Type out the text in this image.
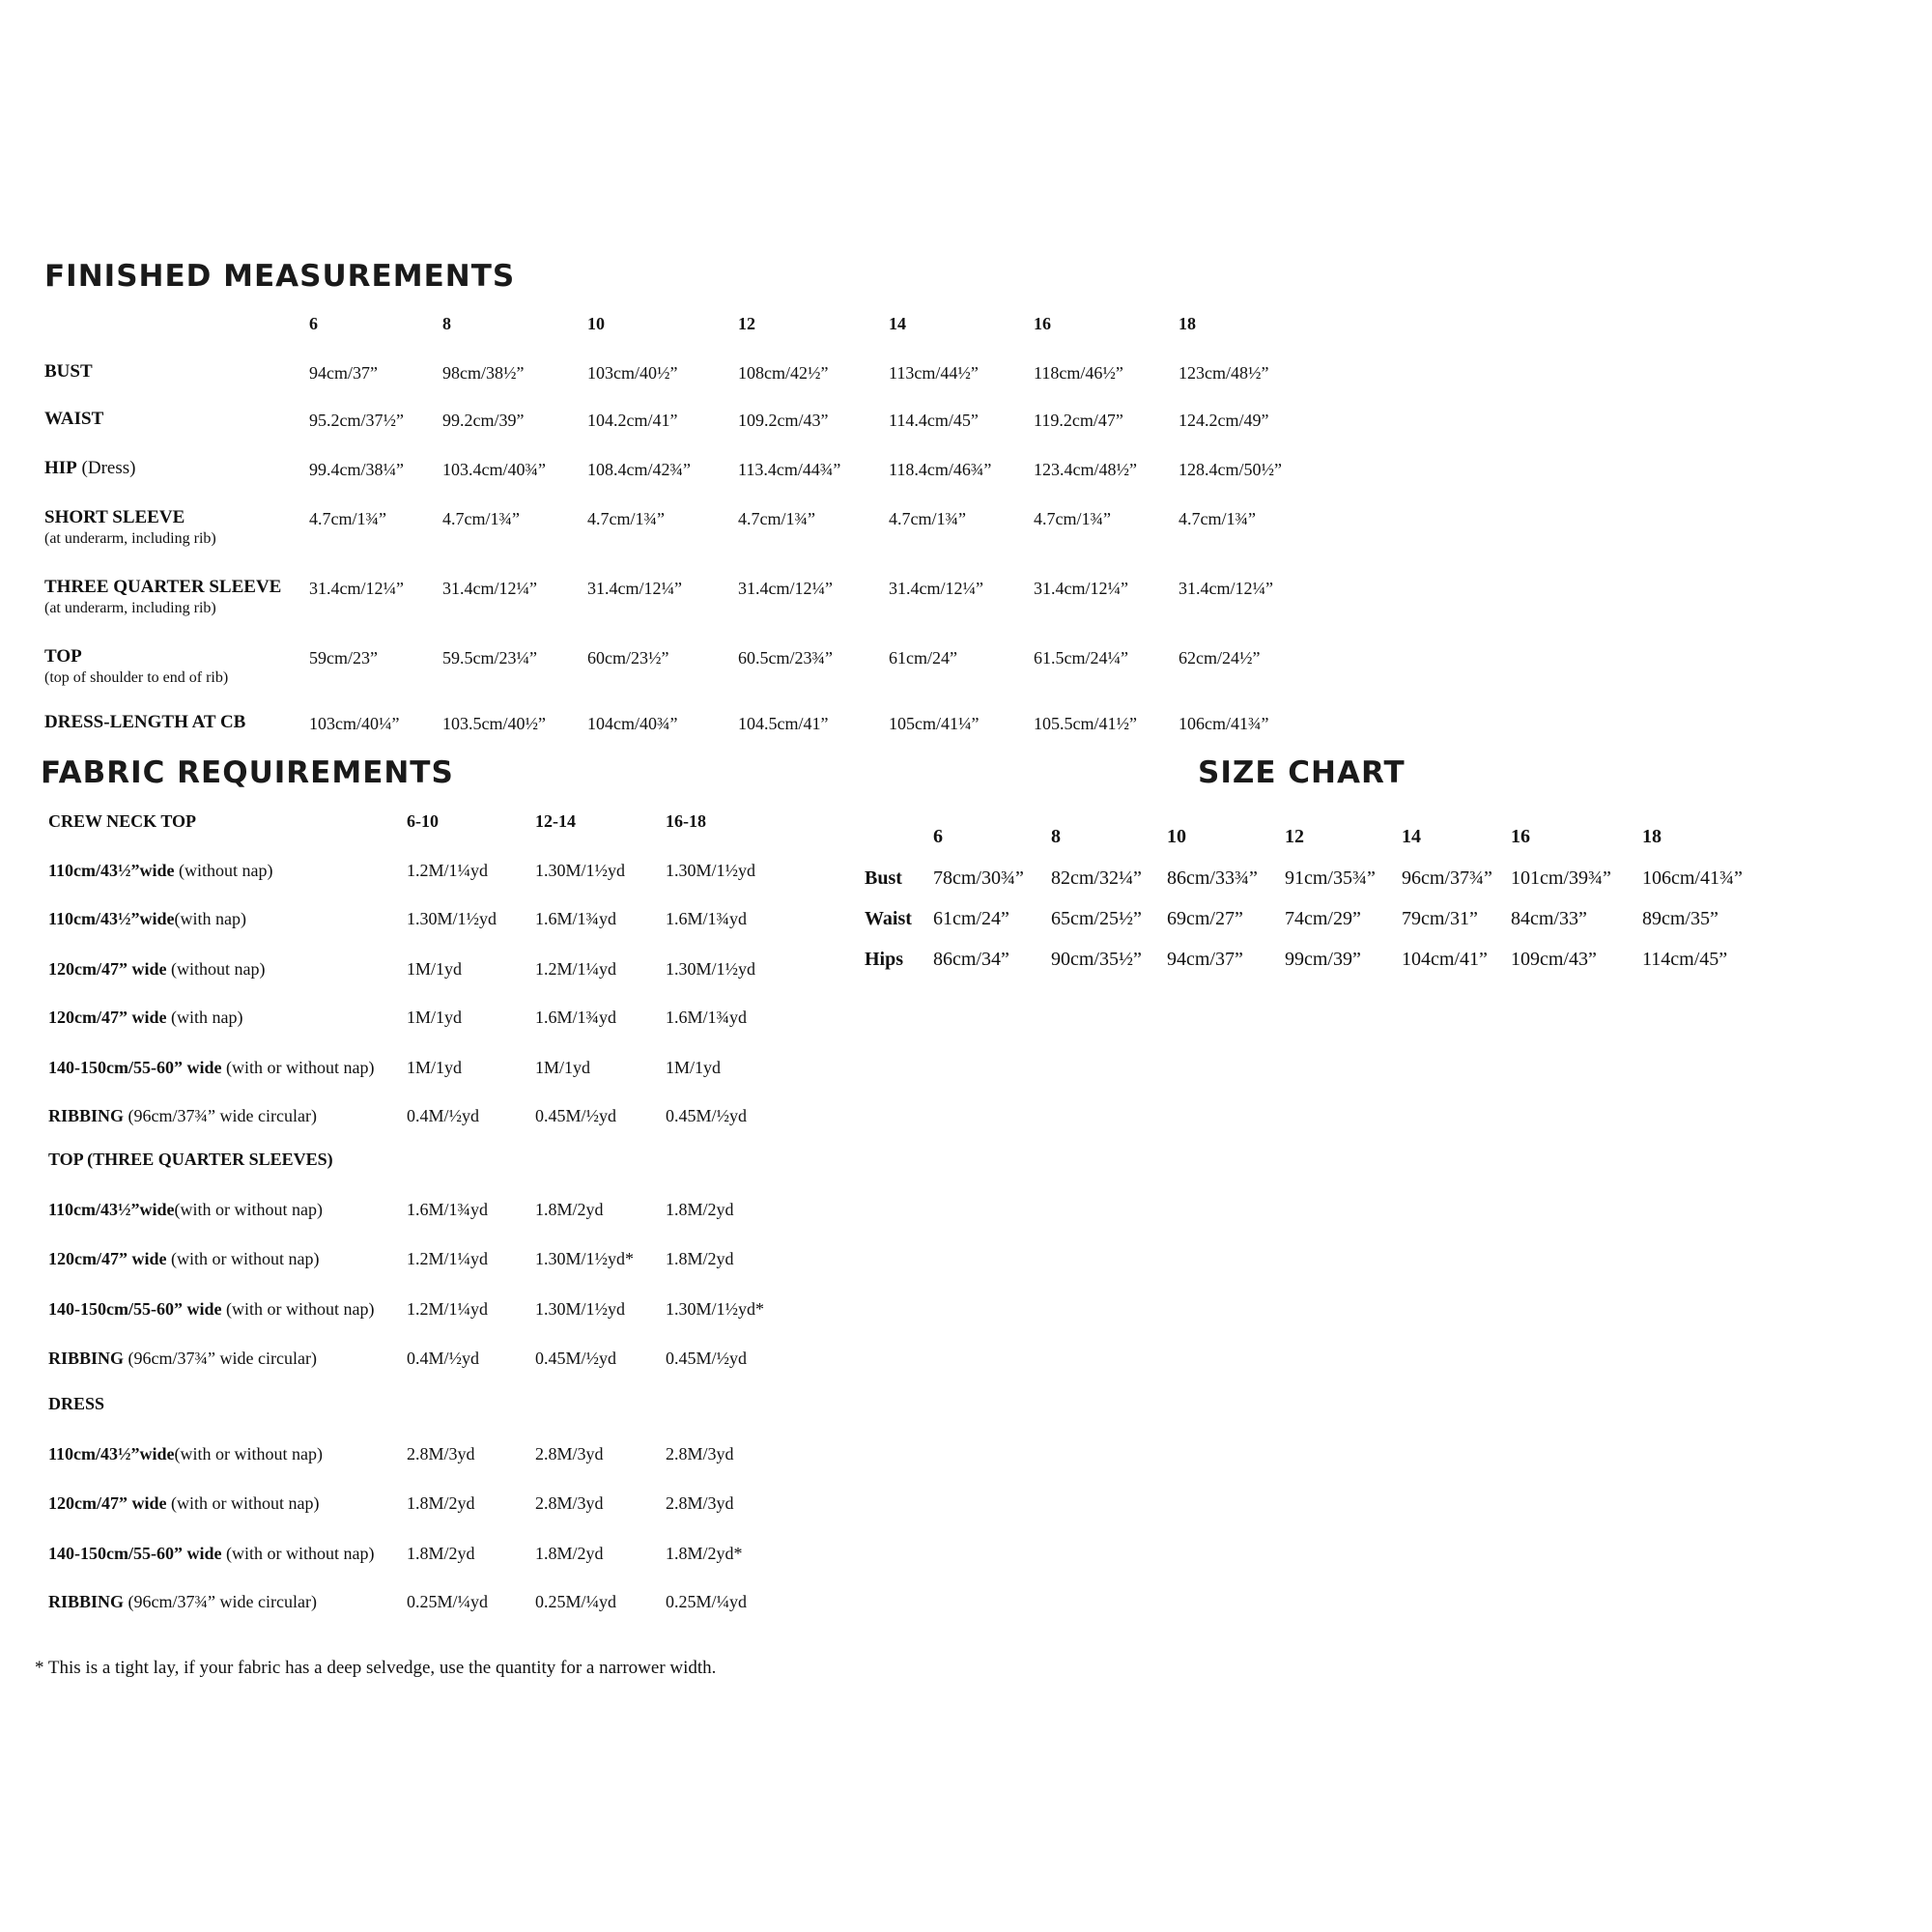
FINISHED MEASUREMENTS
6	8	10	12	14	16	18
BUST	94cm/37”	98cm/38½”	103cm/40½”	108cm/42½”	113cm/44½”	118cm/46½”	123cm/48½”
WAIST	95.2cm/37½” 99.2cm/39”	104.2cm/41”	109.2cm/43”	114.4cm/45”	119.2cm/47”	124.2cm/49”
HIP (Dress)	99.4cm/38¼” 103.4cm/40¾” 108.4cm/42¾”	113.4cm/44¾”	118.4cm/46¾” 123.4cm/48½” 128.4cm/50½”
SHORT SLEEVE
(at underarm, including rib)
4.7cm/1¾”	4.7cm/1¾”	4.7cm/1¾”	4.7cm/1¾”	4.7cm/1¾”	4.7cm/1¾”	4.7cm/1¾”
THREE QUARTER SLEEVE
(at underarm, including rib)
31.4cm/12¼” 31.4cm/12¼”	31.4cm/12¼”	31.4cm/12¼”	31.4cm/12¼”	31.4cm/12¼”	31.4cm/12¼”
TOP
(top of shoulder to end of rib)
59cm/23”	59.5cm/23¼”	60cm/23½”	60.5cm/23¾”	61cm/24”	61.5cm/24¼”	62cm/24½”
DRESS-LENGTH AT CB	103cm/40¼” 103.5cm/40½” 104cm/40¾”	104.5cm/41”	105cm/41¼”	105.5cm/41½” 106cm/41¾”
FABRIC REQUIREMENTS
6-10	12-14	16-18
CREW NECK TOP
110cm/43½”wide (without nap)	1.2M/1¼yd	1.30M/1½yd 1.30M/1½yd
110cm/43½”wide(with nap)	1.30M/1½yd 1.6M/1¾yd	1.6M/1¾yd
120cm/47” wide (without nap)	1M/1yd	1.2M/1¼yd	1.30M/1½yd
120cm/47” wide (with nap)	1M/1yd	1.6M/1¾yd	1.6M/1¾yd
140-150cm/55-60” wide (with or without nap) 1M/1yd	1M/1yd	1M/1yd
RIBBING (96cm/37¾” wide circular)	0.4M/½yd	0.45M/½yd	0.45M/½yd
TOP (THREE QUARTER SLEEVES)
110cm/43½”wide(with or without nap)	1.6M/1¾yd	1.8M/2yd	1.8M/2yd
120cm/47” wide (with or without nap)	1.2M/1¼yd	1.30M/1½yd* 1.8M/2yd
140-150cm/55-60” wide (with or without nap) 1.2M/1¼yd	1.30M/1½yd 1.30M/1½yd*
RIBBING (96cm/37¾” wide circular)	0.4M/½yd	0.45M/½yd	0.45M/½yd
DRESS
110cm/43½”wide(with or without nap)	2.8M/3yd	2.8M/3yd	2.8M/3yd
120cm/47” wide (with or without nap)	1.8M/2yd	2.8M/3yd	2.8M/3yd
140-150cm/55-60” wide (with or without nap) 1.8M/2yd	1.8M/2yd	1.8M/2yd*
RIBBING (96cm/37¾” wide circular)	0.25M/¼yd	0.25M/¼yd	0.25M/¼yd
SIZE CHART
6	8	10	12	14	16	18
Bust 78cm/30¾” 82cm/32¼” 86cm/33¾” 91cm/35¾” 96cm/37¾” 101cm/39¾” 106cm/41¾”
Waist 61cm/24” 65cm/25½” 69cm/27” 74cm/29” 79cm/31” 84cm/33”	89cm/35”
Hips 86cm/34” 90cm/35½” 94cm/37” 99cm/39” 104cm/41” 109cm/43” 114cm/45”
* This is a tight lay, if your fabric has a deep selvedge, use the quantity for a narrower width.
